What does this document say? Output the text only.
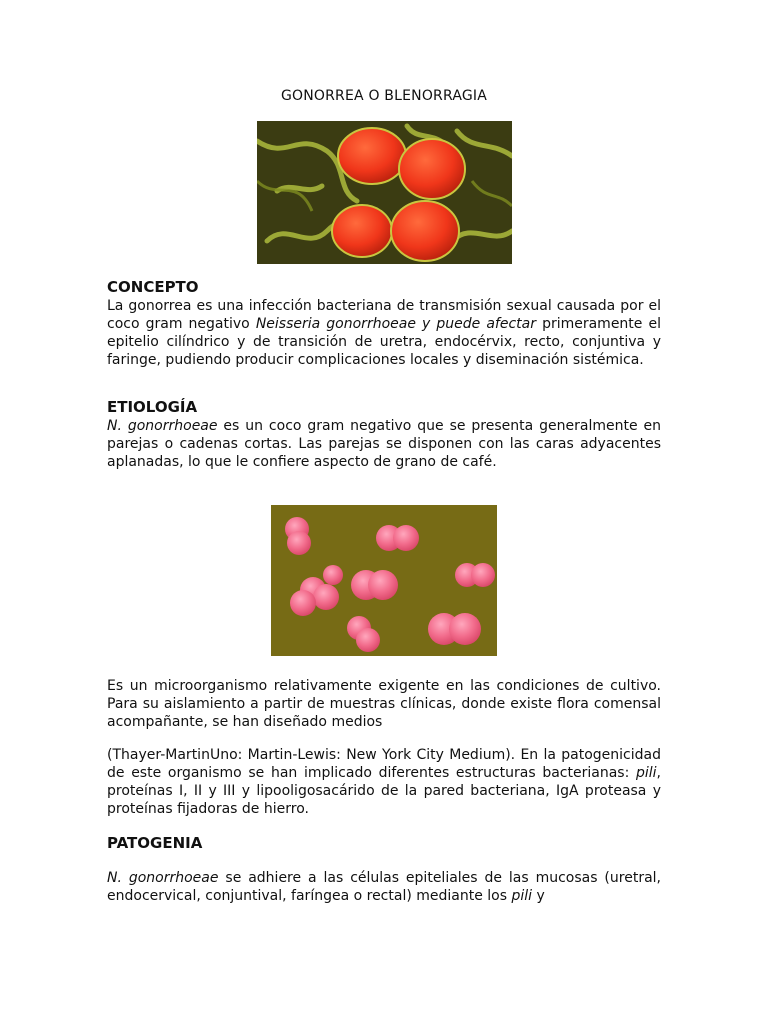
GONORREA O BLENORRAGIA
CONCEPTO

La gonorrea es una infección bacteriana de transmisión sexual causada por el coco gram negativo Neisseria gonorrhoeae y puede afectar primeramente el epitelio cilíndrico y de transición de uretra, endocérvix, recto, conjuntiva y faringe, pudiendo producir complicaciones locales y diseminación sistémica.

ETIOLOGÍA

N. gonorrhoeae es un coco gram negativo que se presenta generalmente en parejas o cadenas cortas. Las parejas se disponen con las caras adyacentes aplanadas, lo que le confiere aspecto de grano de café.

Es un microorganismo relativamente exigente en las condiciones de cultivo. Para su aislamiento a partir de muestras clínicas, donde existe flora comensal acompañante, se han diseñado medios

(Thayer-MartinUno: Martin-Lewis: New York City Medium). En la patogenicidad de este organismo se han implicado diferentes estructuras bacterianas: pili, proteínas I, II y III y lipooligosacárido de la pared bacteriana, IgA proteasa y proteínas fijadoras de hierro.

PATOGENIA

N. gonorrhoeae se adhiere a las células epiteliales de las mucosas (uretral, endocervical, conjuntival, faríngea o rectal) mediante los pili y
